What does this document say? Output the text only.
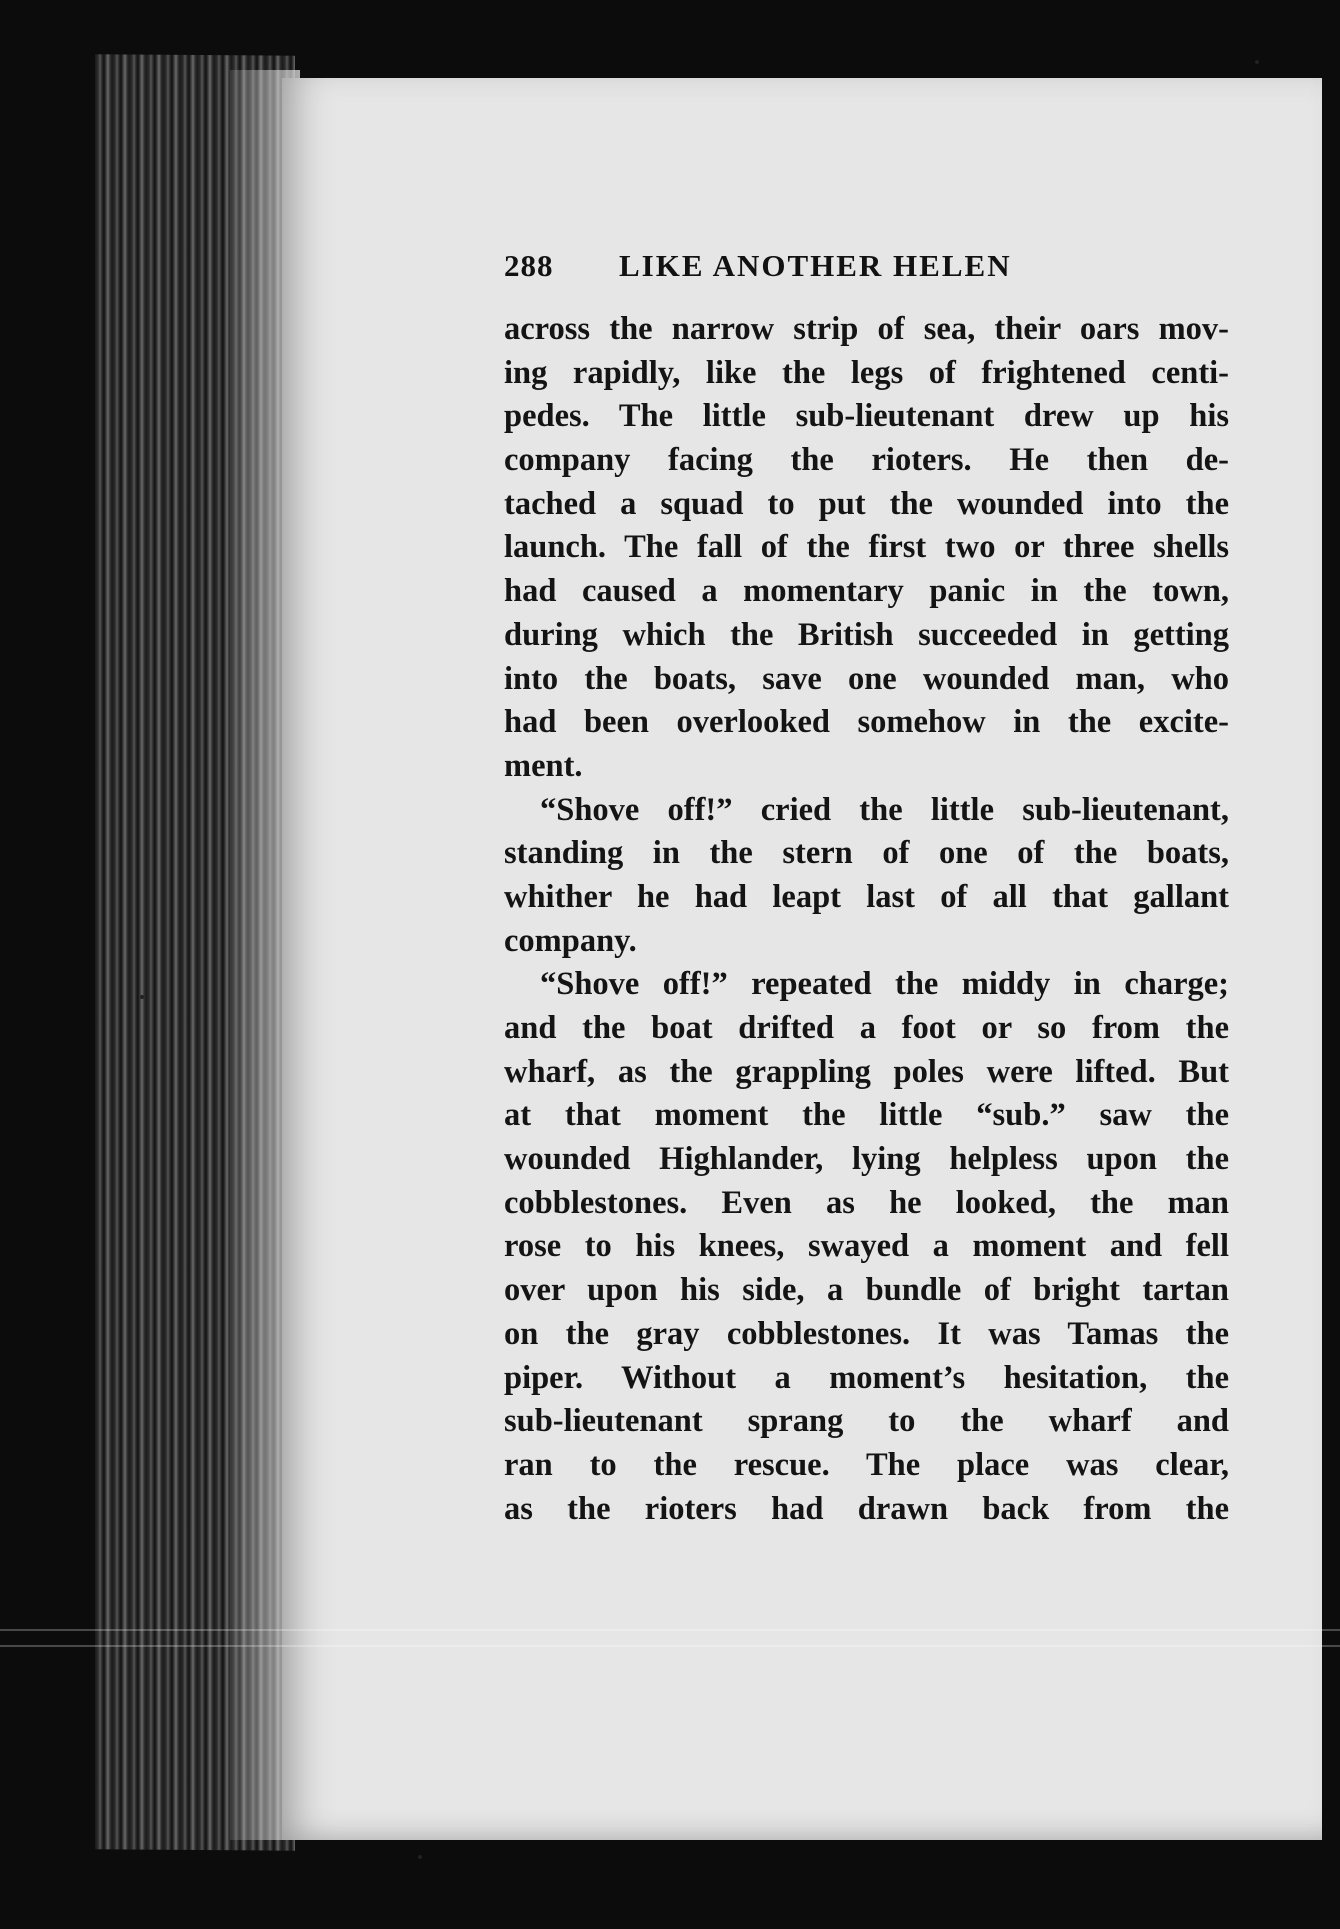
288 LIKE ANOTHER HELEN
across the narrow strip of sea, their oars mov-
ing rapidly, like the legs of frightened centi-
pedes. The little sub-lieutenant drew up his
company facing the rioters. He then de-
tached a squad to put the wounded into the
launch. The fall of the first two or three shells
had caused a momentary panic in the town,
during which the British succeeded in getting
into the boats, save one wounded man, who
had been overlooked somehow in the excite-
ment.
“Shove off!” cried the little sub-lieutenant,
standing in the stern of one of the boats,
whither he had leapt last of all that gallant
company.
“Shove off!” repeated the middy in charge;
and the boat drifted a foot or so from the
wharf, as the grappling poles were lifted. But
at that moment the little “sub.” saw the
wounded Highlander, lying helpless upon the
cobblestones. Even as he looked, the man
rose to his knees, swayed a moment and fell
over upon his side, a bundle of bright tartan
on the gray cobblestones. It was Tamas the
piper. Without a moment’s hesitation, the
sub-lieutenant sprang to the wharf and
ran to the rescue. The place was clear,
as the rioters had drawn back from the
